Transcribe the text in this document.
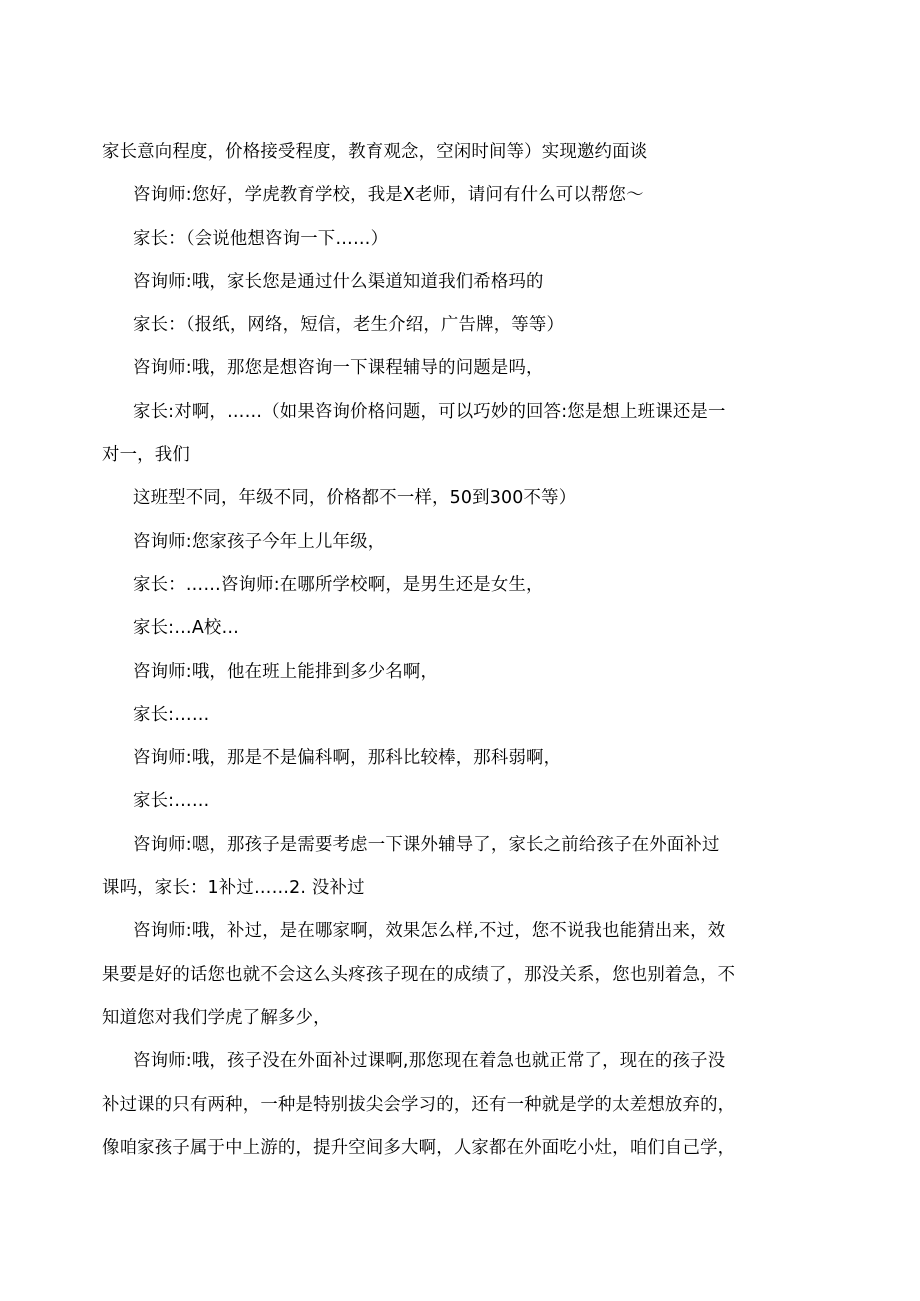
家长意向程度，价格接受程度，教育观念，空闲时间等）实现邀约面谈
咨询师:您好，学虎教育学校，我是X老师，请问有什么可以帮您～
家长：（会说他想咨询一下……）
咨询师:哦，家长您是通过什么渠道知道我们希格玛的
家长：（报纸，网络，短信，老生介绍，广告牌，等等）
咨询师:哦，那您是想咨询一下课程辅导的问题是吗，
家长:对啊，……（如果咨询价格问题，可以巧妙的回答:您是想上班课还是一
对一，我们
这班型不同，年级不同，价格都不一样，50到300不等）
咨询师:您家孩子今年上儿年级，
家长：……咨询师:在哪所学校啊，是男生还是女生，
家长:…A校…
咨询师:哦，他在班上能排到多少名啊，
家长:……
咨询师:哦，那是不是偏科啊，那科比较棒，那科弱啊，
家长:……
咨询师:嗯，那孩子是需要考虑一下课外辅导了，家长之前给孩子在外面补过
课吗，家长：1补过……2. 没补过
咨询师:哦，补过，是在哪家啊，效果怎么样,不过，您不说我也能猜出来，效
果要是好的话您也就不会这么头疼孩子现在的成绩了，那没关系，您也别着急，不
知道您对我们学虎了解多少，
咨询师:哦，孩子没在外面补过课啊,那您现在着急也就正常了，现在的孩子没
补过课的只有两种，一种是特别拔尖会学习的，还有一种就是学的太差想放弃的，
像咱家孩子属于中上游的，提升空间多大啊，人家都在外面吃小灶，咱们自己学，
